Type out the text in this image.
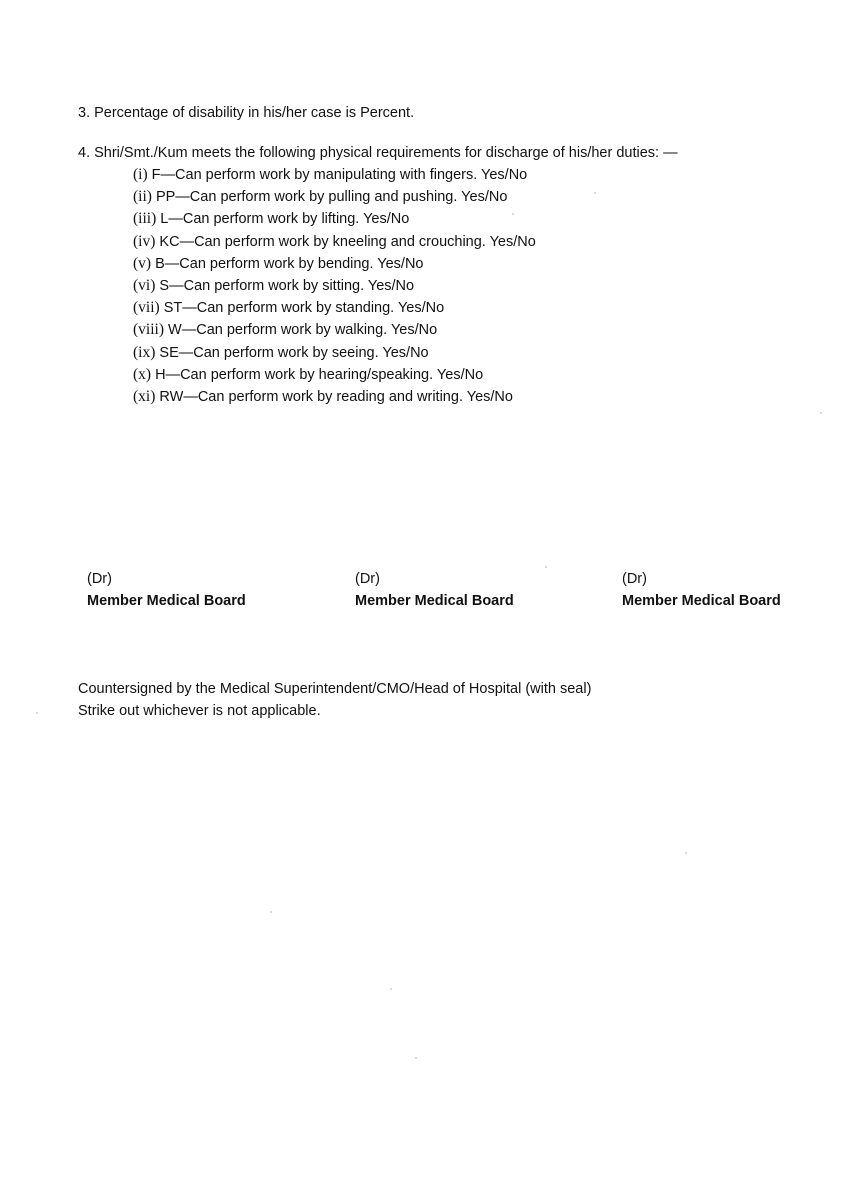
3. Percentage of disability in his/her case is Percent.
4. Shri/Smt./Kum meets the following physical requirements for discharge of his/her duties: —
(i) F—Can perform work by manipulating with fingers. Yes/No
(ii) PP—Can perform work by pulling and pushing. Yes/No
(iii) L—Can perform work by lifting. Yes/No
(iv) KC—Can perform work by kneeling and crouching. Yes/No
(v) B—Can perform work by bending. Yes/No
(vi) S—Can perform work by sitting. Yes/No
(vii) ST—Can perform work by standing. Yes/No
(viii) W—Can perform work by walking. Yes/No
(ix) SE—Can perform work by seeing. Yes/No
(x) H—Can perform work by hearing/speaking. Yes/No
(xi) RW—Can perform work by reading and writing. Yes/No
(Dr)
Member Medical Board
(Dr)
Member Medical Board
(Dr)
Member Medical Board
Countersigned by the Medical Superintendent/CMO/Head of Hospital (with seal) Strike out whichever is not applicable.
